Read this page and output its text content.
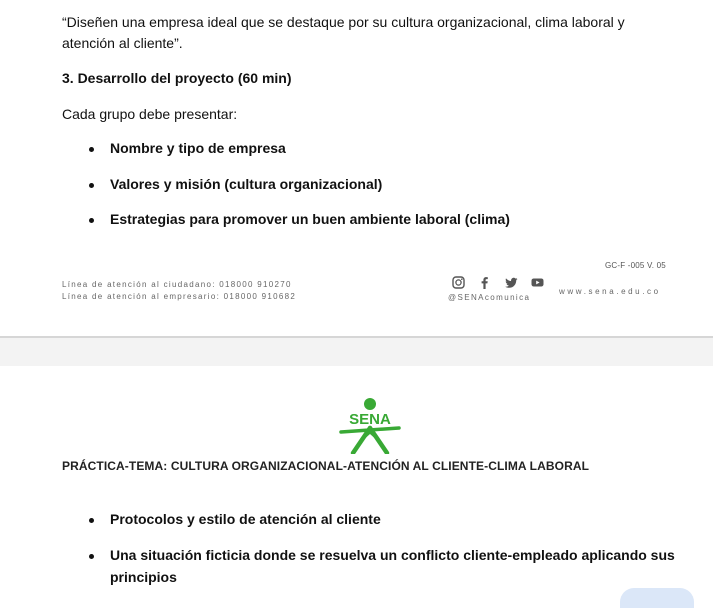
“Diseñen una empresa ideal que se destaque por su cultura organizacional, clima laboral y
atención al cliente”.
3. Desarrollo del proyecto (60 min)
Cada grupo debe presentar:
Nombre y tipo de empresa
Valores y misión (cultura organizacional)
Estrategias para promover un buen ambiente laboral (clima)
GC-F -005 V. 05
Línea de atención al ciudadano: 018000 910270
Línea de atención al empresario: 018000 910682	@SENAcomunica
www.sena.edu.co
SENA
PRÁCTICA-TEMA: CULTURA ORGANIZACIONAL-ATENCIÓN AL CLIENTE-CLIMA LABORAL
Protocolos y estilo de atención al cliente
Una situación ficticia donde se resuelva un conflicto cliente-empleado aplicando sus
principios
